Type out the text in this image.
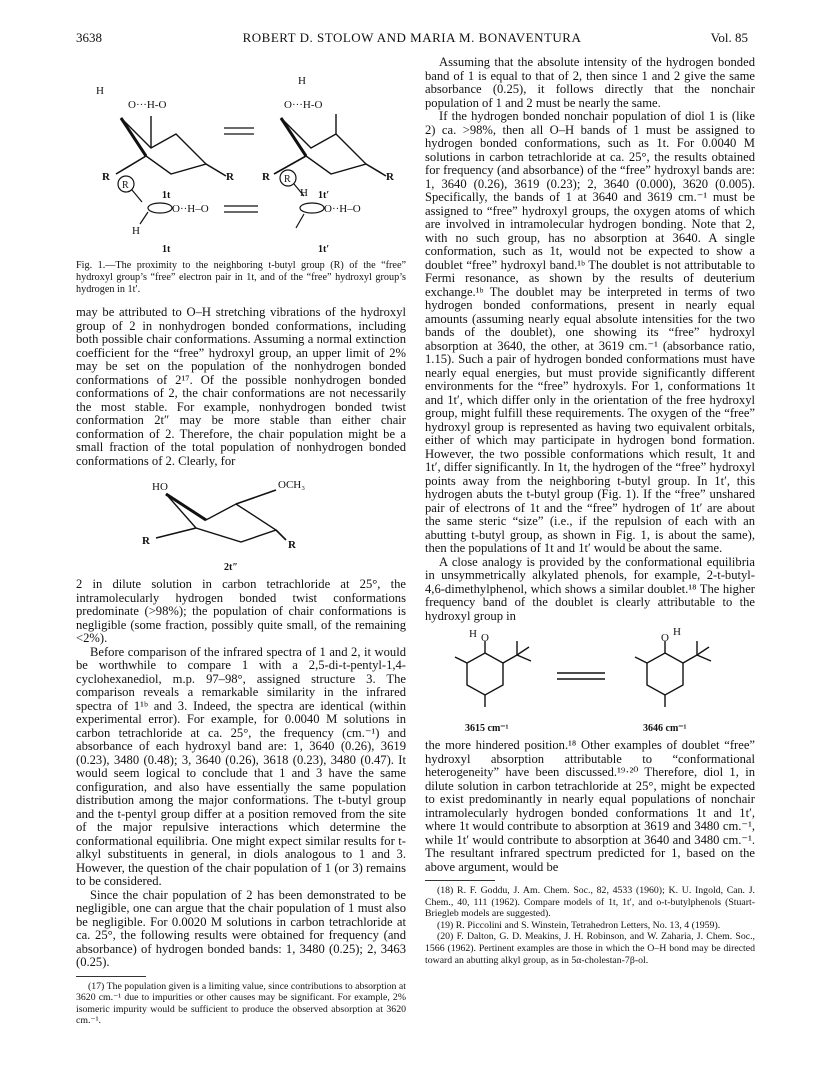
3638	ROBERT D. STOLOW AND MARIA M. BONAVENTURA	Vol. 85
H
O···H-O
H
O···H-O
R	R	R	R
1t	1t′
R
R
O··H–O	O··H–O
H
H
1t	1t′
Fig. 1.—The proximity to the neighboring t-butyl group (R) of the “free” hydroxyl group’s “free” electron pair in 1t, and of the “free” hydroxyl group’s hydrogen in 1t′.

may be attributed to O–H stretching vibrations of the hydroxyl group of 2 in nonhydrogen bonded conformations, including both possible chair conformations. Assuming a normal extinction coefficient for the “free” hydroxyl group, an upper limit of 2% may be set on the population of the nonhydrogen bonded conformations of 2¹⁷. Of the possible nonhydrogen bonded conformations of 2, the chair conformations are not necessarily the most stable. For example, nonhydrogen bonded twist conformation 2t″ may be more stable than either chair conformation of 2. Therefore, the chair population might be a small fraction of the total population of nonhydrogen bonded conformations of 2. Clearly, for

HO	OCH₃
R	R
2t″

2 in dilute solution in carbon tetrachloride at 25°, the intramolecularly hydrogen bonded twist conformations predominate (>98%); the population of chair conformations is negligible (some fraction, possibly quite small, of the remaining <2%).

Before comparison of the infrared spectra of 1 and 2, it would be worthwhile to compare 1 with a 2,5-di-t-pentyl-1,4-cyclohexanediol, m.p. 97–98°, assigned structure 3. The comparison reveals a remarkable similarity in the infrared spectra of 1¹ᵇ and 3. Indeed, the spectra are identical (within experimental error). For example, for 0.0040 M solutions in carbon tetrachloride at ca. 25°, the frequency (cm.⁻¹) and absorbance of each hydroxyl band are: 1, 3640 (0.26), 3619 (0.23), 3480 (0.48); 3, 3640 (0.26), 3618 (0.23), 3480 (0.47). It would seem logical to conclude that 1 and 3 have the same configuration, and also have essentially the same population distribution among the major conformations. The t-butyl group and the t-pentyl group differ at a position removed from the site of the major repulsive interactions which determine the conformational equilibria. One might expect similar results for t-alkyl substituents in general, in diols analogous to 1 and 3. However, the question of the chair population of 1 (or 3) remains to be considered.

Since the chair population of 2 has been demonstrated to be negligible, one can argue that the chair population of 1 must also be negligible. For 0.0020 M solutions in carbon tetrachloride at ca. 25°, the following results were obtained for frequency (and absorbance) of hydrogen bonded bands: 1, 3480 (0.25); 2, 3463 (0.25).

(17) The population given is a limiting value, since contributions to absorption at 3620 cm.⁻¹ due to impurities or other causes may be significant. For example, 2% isomeric impurity would be sufficient to produce the observed absorption at 3620 cm.⁻¹.

Assuming that the absolute intensity of the hydrogen bonded band of 1 is equal to that of 2, then since 1 and 2 give the same absorbance (0.25), it follows directly that the nonchair population of 1 and 2 must be nearly the same.

If the hydrogen bonded nonchair population of diol 1 is (like 2) ca. >98%, then all O–H bands of 1 must be assigned to hydrogen bonded conformations, such as 1t. For 0.0040 M solutions in carbon tetrachloride at ca. 25°, the results obtained for frequency (and absorbance) of the “free” hydroxyl bands are: 1, 3640 (0.26), 3619 (0.23); 2, 3640 (0.000), 3620 (0.005). Specifically, the bands of 1 at 3640 and 3619 cm.⁻¹ must be assigned to “free” hydroxyl groups, the oxygen atoms of which are involved in intramolecular hydrogen bonding. Note that 2, with no such group, has no absorption at 3640. A single conformation, such as 1t, would not be expected to show a doublet “free” hydroxyl band.¹ᵇ The doublet is not attributable to Fermi resonance, as shown by the results of deuterium exchange.¹ᵇ The doublet may be interpreted in terms of two hydrogen bonded conformations, present in nearly equal amounts (assuming nearly equal absolute intensities for the two bands of the doublet), one showing its “free” hydroxyl absorption at 3640, the other, at 3619 cm.⁻¹ (absorbance ratio, 1.15). Such a pair of hydrogen bonded conformations must have nearly equal energies, but must provide significantly different environments for the “free” hydroxyls. For 1, conformations 1t and 1t′, which differ only in the orientation of the free hydroxyl group, might fulfill these requirements. The oxygen of the “free” hydroxyl group is represented as having two equivalent orbitals, either of which may participate in hydrogen bond formation. However, the two possible conformations which result, 1t and 1t′, differ significantly. In 1t, the hydrogen of the “free” hydroxyl points away from the neighboring t-butyl group. In 1t′, this hydrogen abuts the t-butyl group (Fig. 1). If the “free” unshared pair of electrons of 1t and the “free” hydrogen of 1t′ are about the same steric “size” (i.e., if the repulsion of each with an abutting t-butyl group, as shown in Fig. 1, is about the same), then the populations of 1t and 1t′ would be about the same.

A close analogy is provided by the conformational equilibria in unsymmetrically alkylated phenols, for example, 2-t-butyl-4,6-dimethylphenol, which shows a similar doublet.¹⁸ The higher frequency band of the doublet is clearly attributable to the hydroxyl group in

H O	O H
3615 cm⁻¹	3646 cm⁻¹

the more hindered position.¹⁸ Other examples of doublet “free” hydroxyl absorption attributable to “conformational heterogeneity” have been discussed.¹⁹·²⁰ Therefore, diol 1, in dilute solution in carbon tetrachloride at 25°, might be expected to exist predominantly in nearly equal populations of nonchair intramolecularly hydrogen bonded conformations 1t and 1t′, where 1t would contribute to absorption at 3619 and 3480 cm.⁻¹, while 1t′ would contribute to absorption at 3640 and 3480 cm.⁻¹. The resultant infrared spectrum predicted for 1, based on the above argument, would be

(18) R. F. Goddu, J. Am. Chem. Soc., 82, 4533 (1960); K. U. Ingold, Can. J. Chem., 40, 111 (1962). Compare models of 1t, 1t′, and o-t-butylphenols (Stuart-Briegleb models are suggested).

(19) R. Piccolini and S. Winstein, Tetrahedron Letters, No. 13, 4 (1959).

(20) F. Dalton, G. D. Meakins, J. H. Robinson, and W. Zaharia, J. Chem. Soc., 1566 (1962). Pertinent examples are those in which the O–H bond may be directed toward an abutting alkyl group, as in 5α-cholestan-7β-ol.
